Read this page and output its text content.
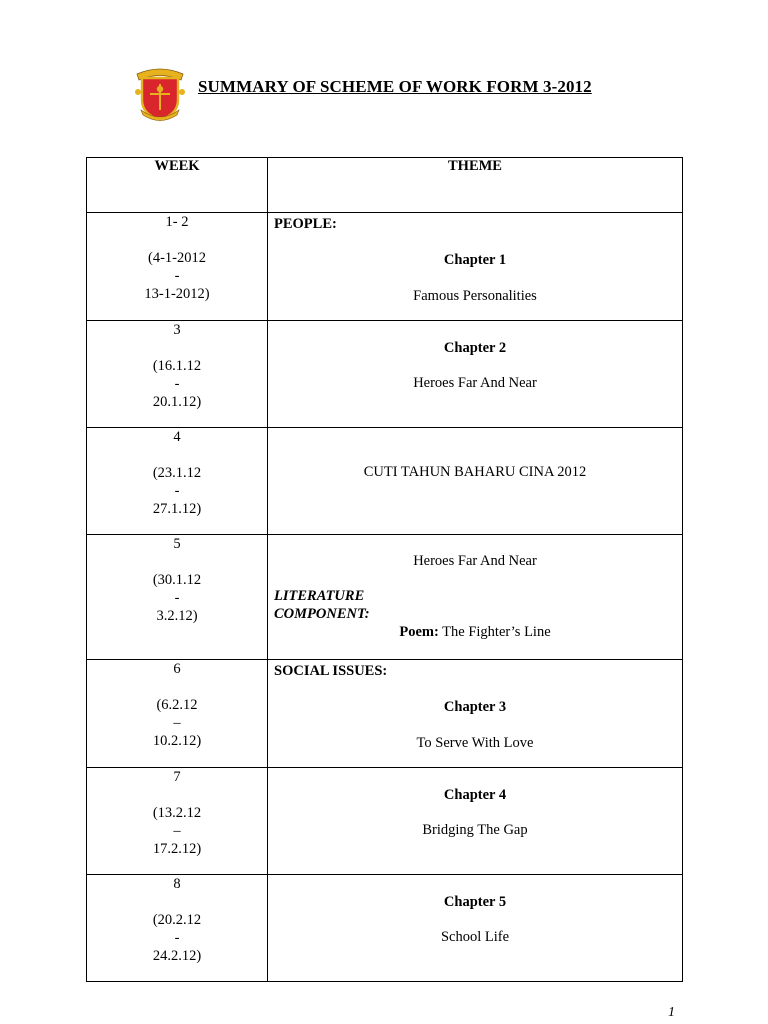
SUMMARY OF SCHEME OF WORK FORM 3-2012
WEEK	THEME

1- 2
(4-1-2012
-
13-1-2012)	PEOPLE:
Chapter 1
Famous Personalities

3
(16.1.12
-
20.1.12)	Chapter 2
Heroes Far And Near

4
(23.1.12
-
27.1.12)	CUTI TAHUN BAHARU CINA 2012

5
(30.1.12
-
3.2.12)	Heroes Far And Near
LITERATURE
COMPONENT:
Poem: The Fighter’s Line

6
(6.2.12
–
10.2.12)	SOCIAL ISSUES:
Chapter 3
To Serve With Love

7
(13.2.12
–
17.2.12)	Chapter 4
Bridging The Gap

8
(20.2.12
-
24.2.12)	Chapter 5
School Life
1
